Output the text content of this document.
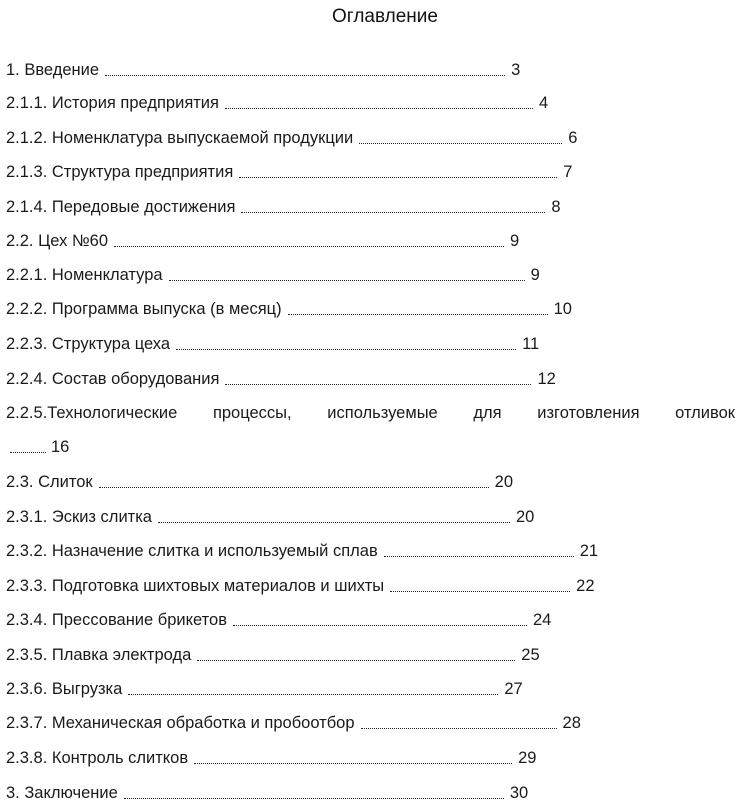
Оглавление
1. Введение	3
2.1.1. История предприятия	4
2.1.2. Номенклатура выпускаемой продукции	6
2.1.3. Структура предприятия	7
2.1.4. Передовые достижения	8
2.2. Цех №60	9
2.2.1. Номенклатура	9
2.2.2. Программа выпуска (в месяц)	10
2.2.3. Структура цеха	11
2.2.4. Состав оборудования	12
2.2.5.Технологические процессы, используемые для изготовления отливок
16
2.3. Слиток	20
2.3.1. Эскиз слитка	20
2.3.2. Назначение слитка и используемый сплав	21
2.3.3. Подготовка шихтовых материалов и шихты	22
2.3.4. Прессование брикетов	24
2.3.5. Плавка электрода	25
2.3.6. Выгрузка	27
2.3.7. Механическая обработка и пробоотбор	28
2.3.8. Контроль слитков	29
3. Заключение	30
